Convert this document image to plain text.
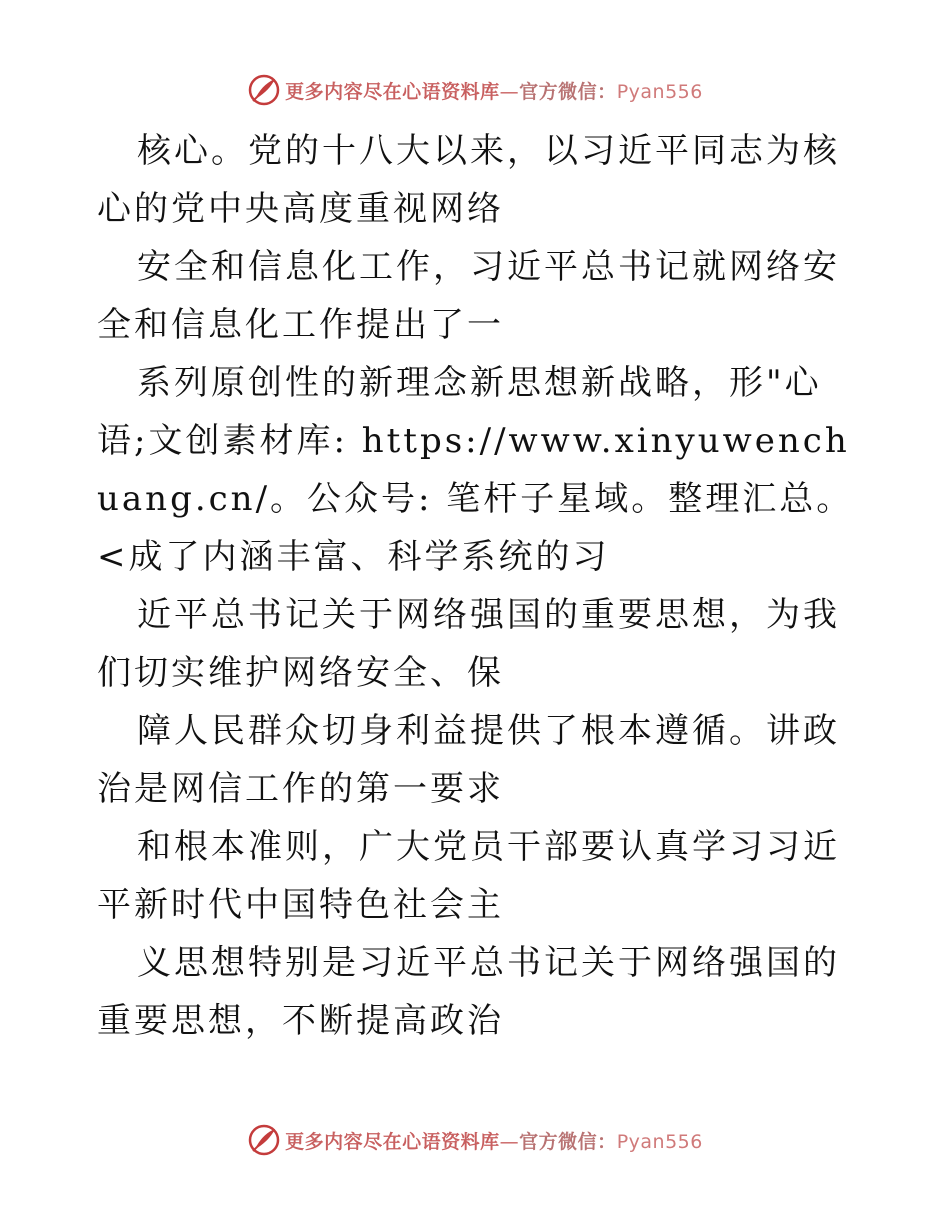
更多内容尽在心语资料库—官方微信：Pyan556

核心。党的十八大以来，以习近平同志为核心的党中央高度重视网络

安全和信息化工作，习近平总书记就网络安全和信息化工作提出了一

系列原创性的新理念新思想新战略，形"心语;文创素材库: https://www.xinyuwenchuang.cn/。公众号: 笔杆子星域。整理汇总。<成了内涵丰富、科学系统的习

近平总书记关于网络强国的重要思想，为我们切实维护网络安全、保

障人民群众切身利益提供了根本遵循。讲政治是网信工作的第一要求

和根本准则，广大党员干部要认真学习习近平新时代中国特色社会主

义思想特别是习近平总书记关于网络强国的重要思想，不断提高政治

更多内容尽在心语资料库—官方微信：Pyan556
